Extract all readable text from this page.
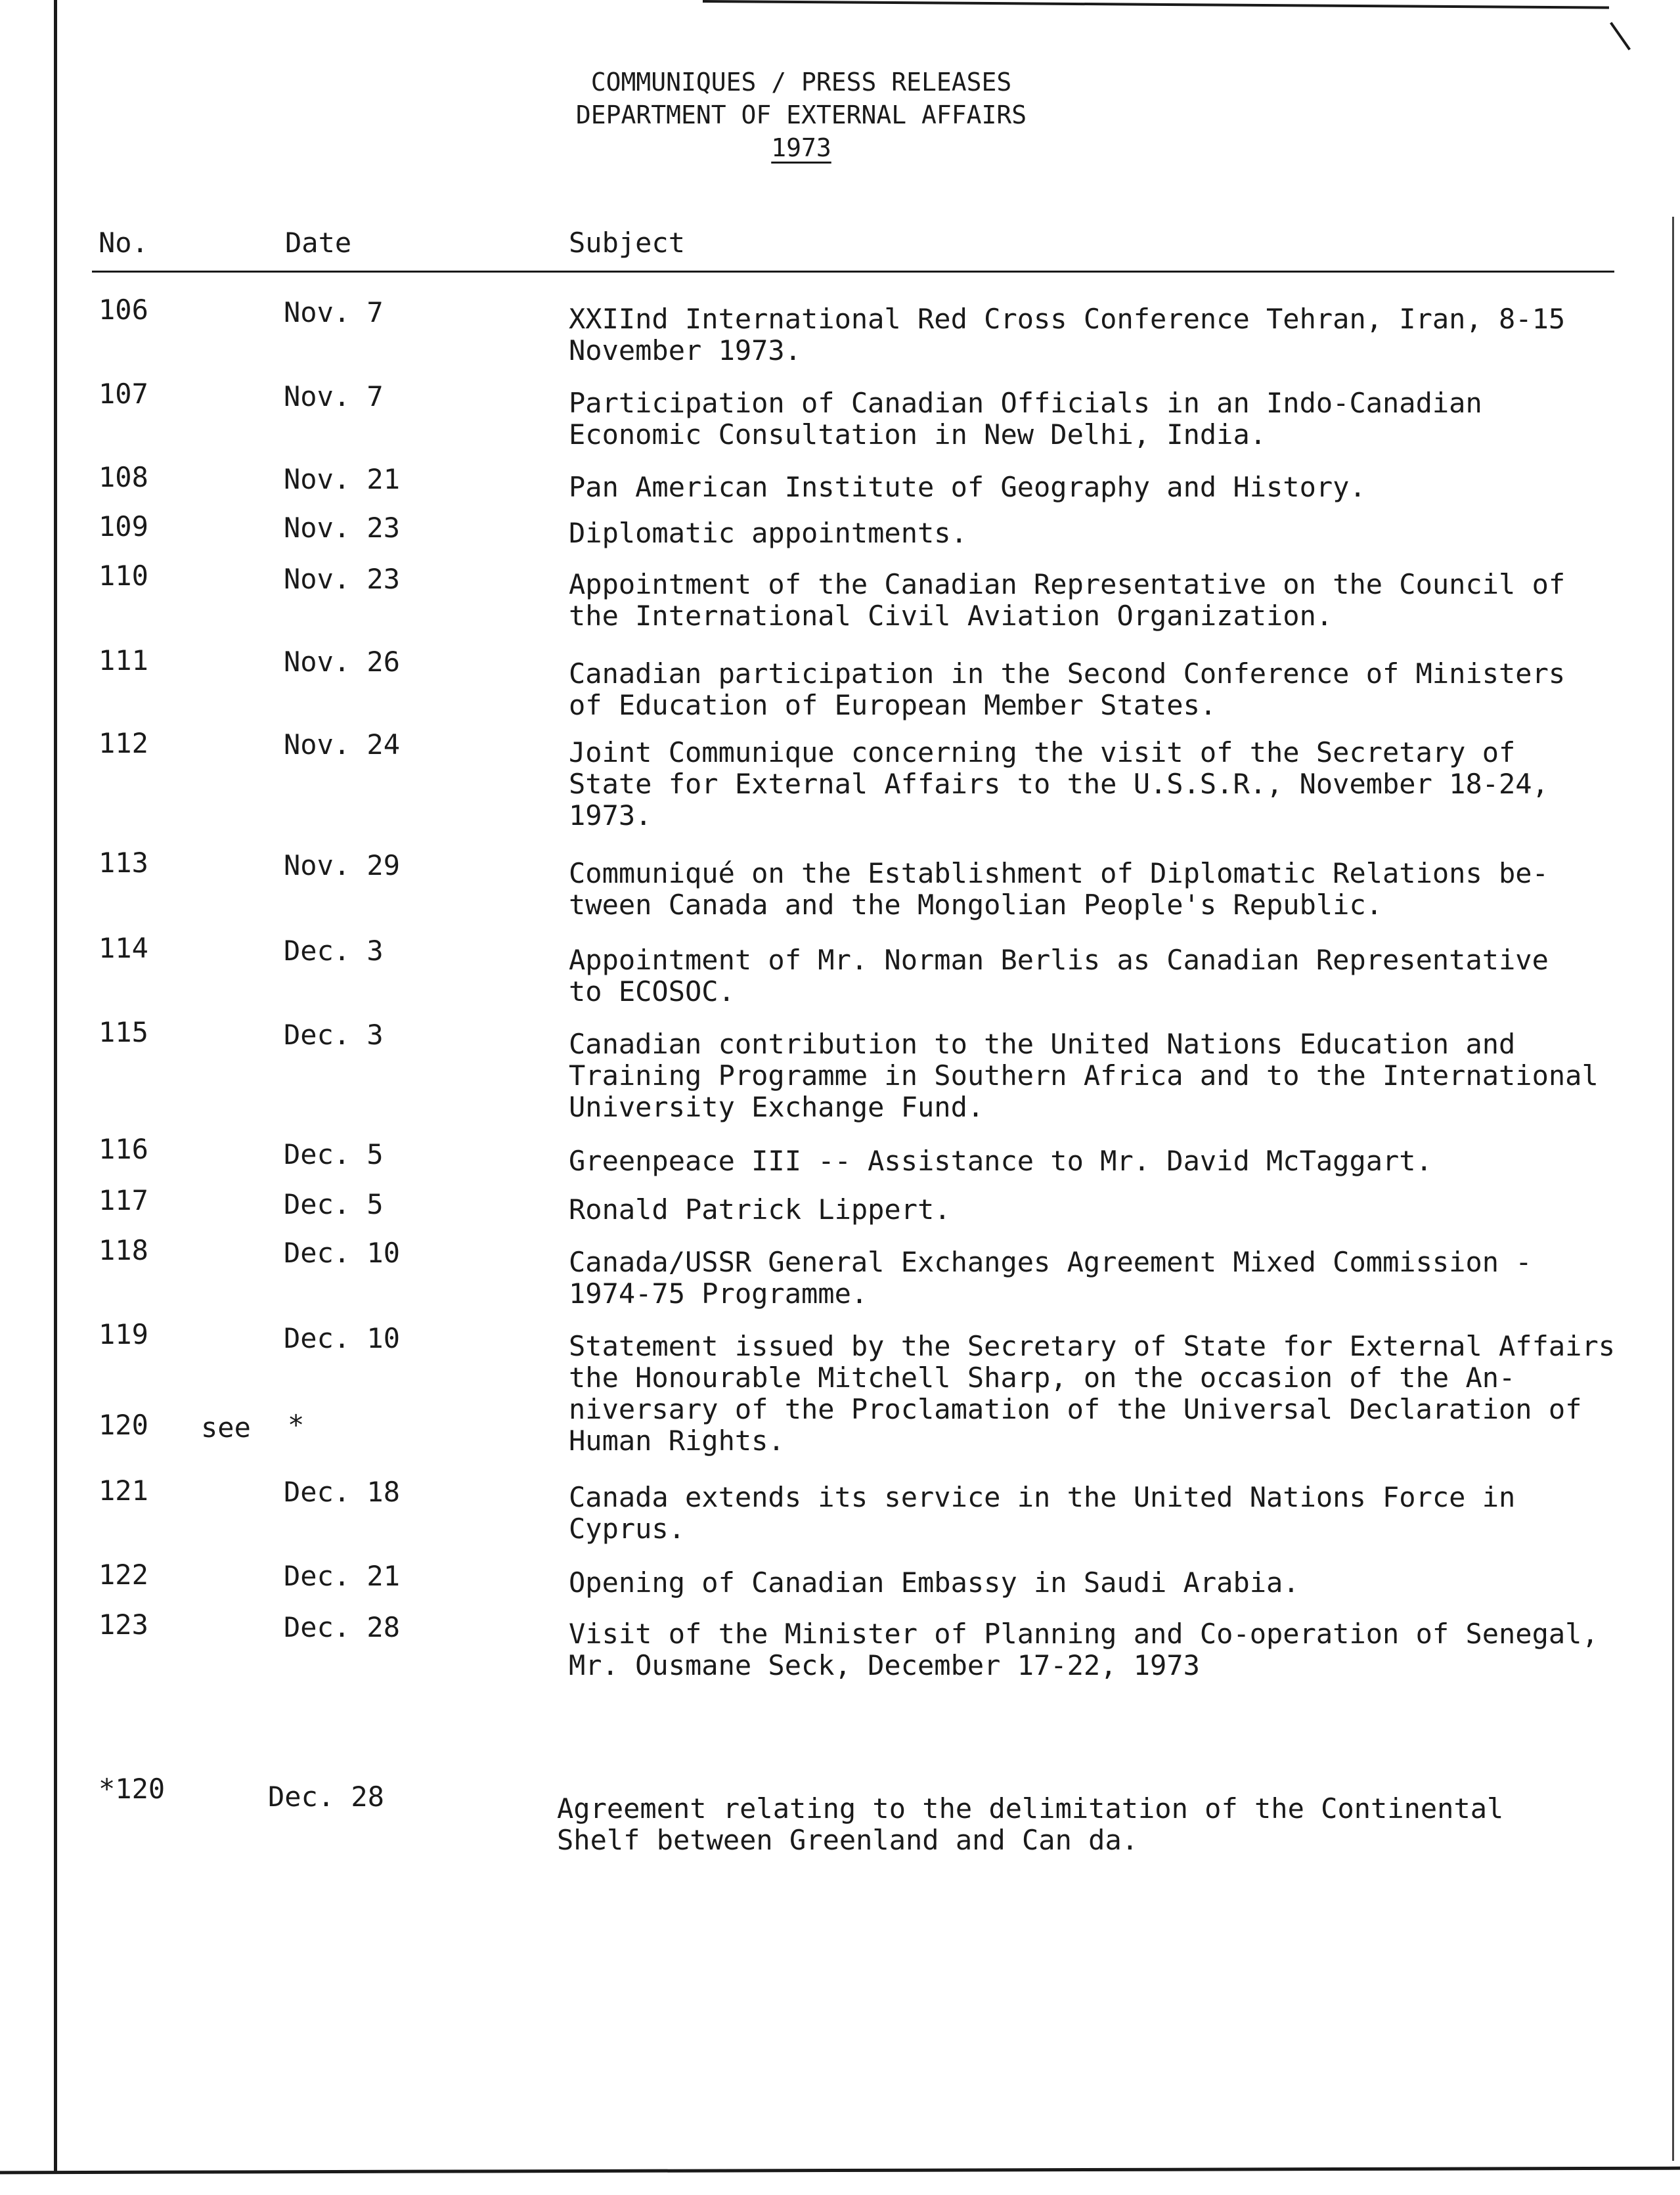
COMMUNIQUES / PRESS RELEASES
DEPARTMENT OF EXTERNAL AFFAIRS
1973
No.	Date	Subject
106	Nov. 7	XXIInd International Red Cross Conference Tehran, Iran, 8-15
November 1973.
107	Nov. 7	Participation of Canadian Officials in an Indo-Canadian
Economic Consultation in New Delhi, India.
108	Nov. 21	Pan American Institute of Geography and History.
109	Nov. 23	Diplomatic appointments.
110	Nov. 23	Appointment of the Canadian Representative on the Council of
the International Civil Aviation Organization.
111	Nov. 26	Canadian participation in the Second Conference of Ministers
of Education of European Member States.
112	Nov. 24	Joint Communique concerning the visit of the Secretary of
State for External Affairs to the U.S.S.R., November 18-24,
1973.
113	Nov. 29	Communiqué on the Establishment of Diplomatic Relations be-
tween Canada and the Mongolian People's Republic.
114	Dec. 3	Appointment of Mr. Norman Berlis as Canadian Representative
to ECOSOC.
115	Dec. 3	Canadian contribution to the United Nations Education and
Training Programme in Southern Africa and to the International
University Exchange Fund.
116	Dec. 5	Greenpeace III -- Assistance to Mr. David McTaggart.
117	Dec. 5	Ronald Patrick Lippert.
118	Dec. 10	Canada/USSR General Exchanges Agreement Mixed Commission -
1974-75 Programme.
119	Dec. 10	Statement issued by the Secretary of State for External Affairs
the Honourable Mitchell Sharp, on the occasion of the An-
niversary of the Proclamation of the Universal Declaration of
Human Rights.
120 see *
121	Dec. 18	Canada extends its service in the United Nations Force in
Cyprus.
122	Dec. 21	Opening of Canadian Embassy in Saudi Arabia.
123	Dec. 28	Visit of the Minister of Planning and Co-operation of Senegal,
Mr. Ousmane Seck, December 17-22, 1973
*120	Dec. 28	Agreement relating to the delimitation of the Continental
Shelf between Greenland and Can da.
